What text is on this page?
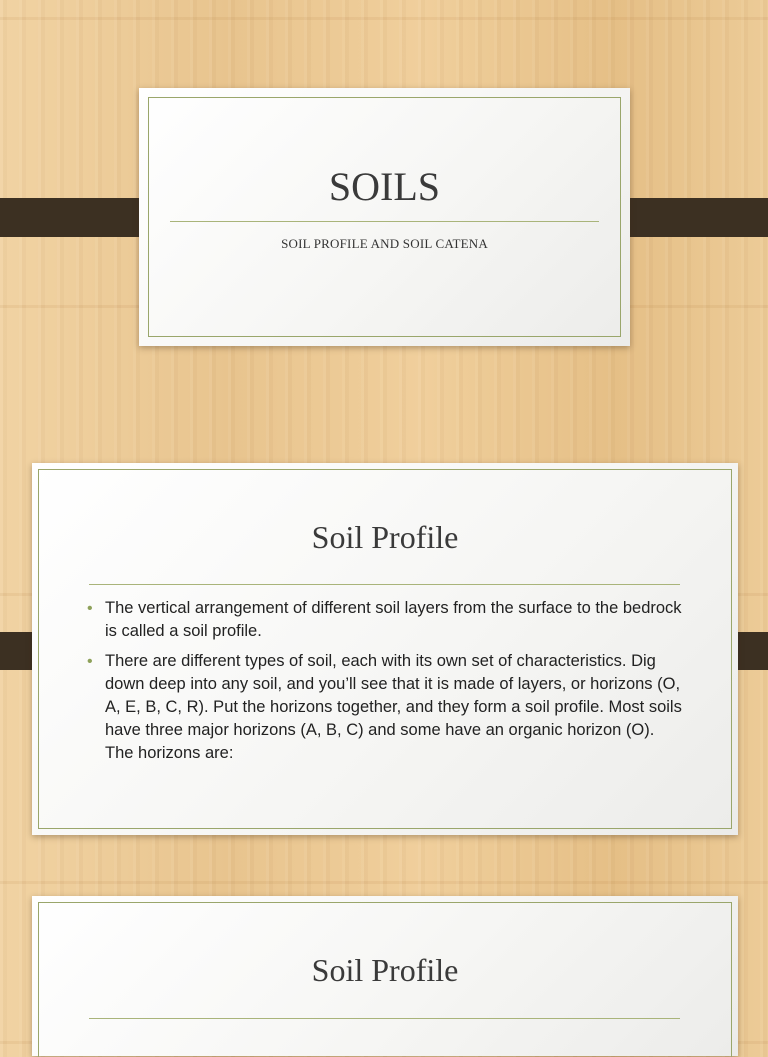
SOILS
SOIL PROFILE AND SOIL CATENA
Soil Profile
• The vertical arrangement of different soil layers from the surface to the bedrock is called a soil profile.
• There are different types of soil, each with its own set of characteristics. Dig down deep into any soil, and you’ll see that it is made of layers, or horizons (O, A, E, B, C, R). Put the horizons together, and they form a soil profile. Most soils have three major horizons (A, B, C) and some have an organic horizon (O). The horizons are:
Soil Profile
